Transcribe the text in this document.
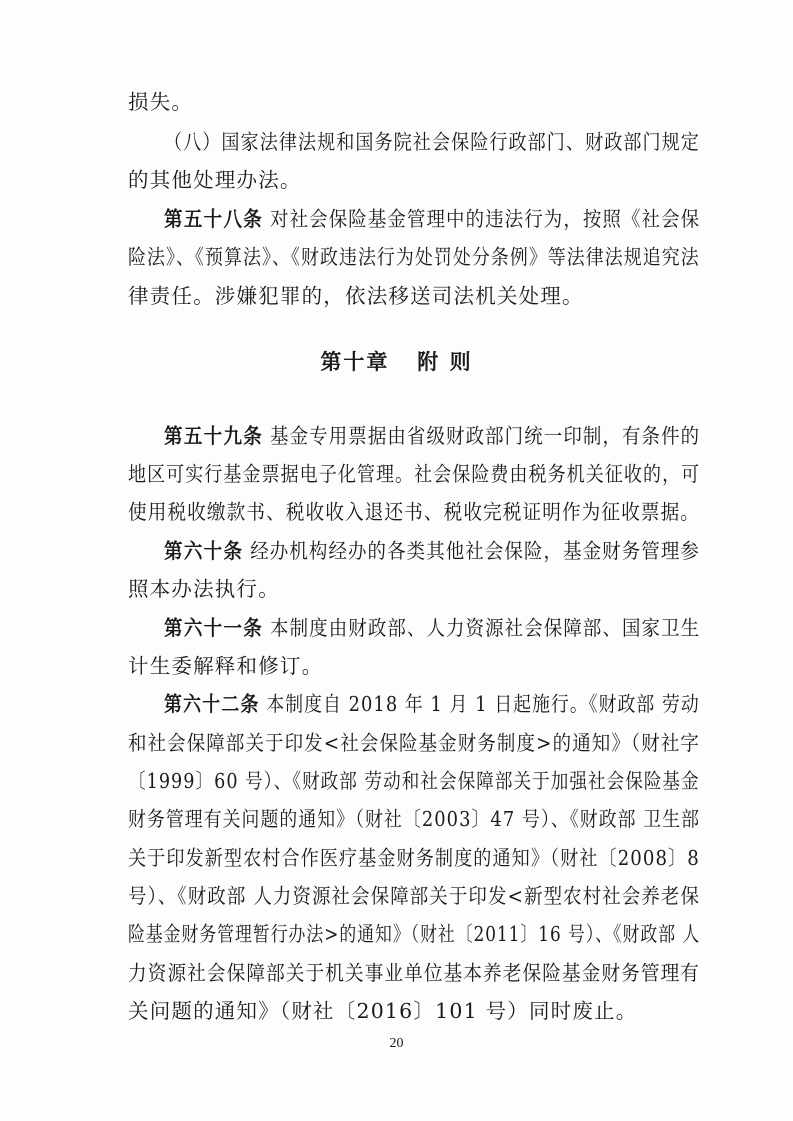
损失。
（八）国家法律法规和国务院社会保险行政部门、财政部门规定
的其他处理办法。
第五十八条 对社会保险基金管理中的违法行为，按照《社会保
险法》、《预算法》、《财政违法行为处罚处分条例》等法律法规追究法
律责任。涉嫌犯罪的，依法移送司法机关处理。
第十章   附 则
第五十九条 基金专用票据由省级财政部门统一印制，有条件的
地区可实行基金票据电子化管理。社会保险费由税务机关征收的，可
使用税收缴款书、税收收入退还书、税收完税证明作为征收票据。
第六十条 经办机构经办的各类其他社会保险，基金财务管理参
照本办法执行。
第六十一条 本制度由财政部、人力资源社会保障部、国家卫生
计生委解释和修订。
第六十二条 本制度自 2018 年 1 月 1 日起施行。《财政部 劳动
和社会保障部关于印发<社会保险基金财务制度>的通知》（财社字
〔1999〕60 号）、《财政部 劳动和社会保障部关于加强社会保险基金
财务管理有关问题的通知》（财社〔2003〕47 号）、《财政部 卫生部
关于印发新型农村合作医疗基金财务制度的通知》（财社〔2008〕8
号）、《财政部 人力资源社会保障部关于印发<新型农村社会养老保
险基金财务管理暂行办法>的通知》（财社〔2011〕16 号）、《财政部 人
力资源社会保障部关于机关事业单位基本养老保险基金财务管理有
关问题的通知》（财社〔2016〕101 号）同时废止。
20
